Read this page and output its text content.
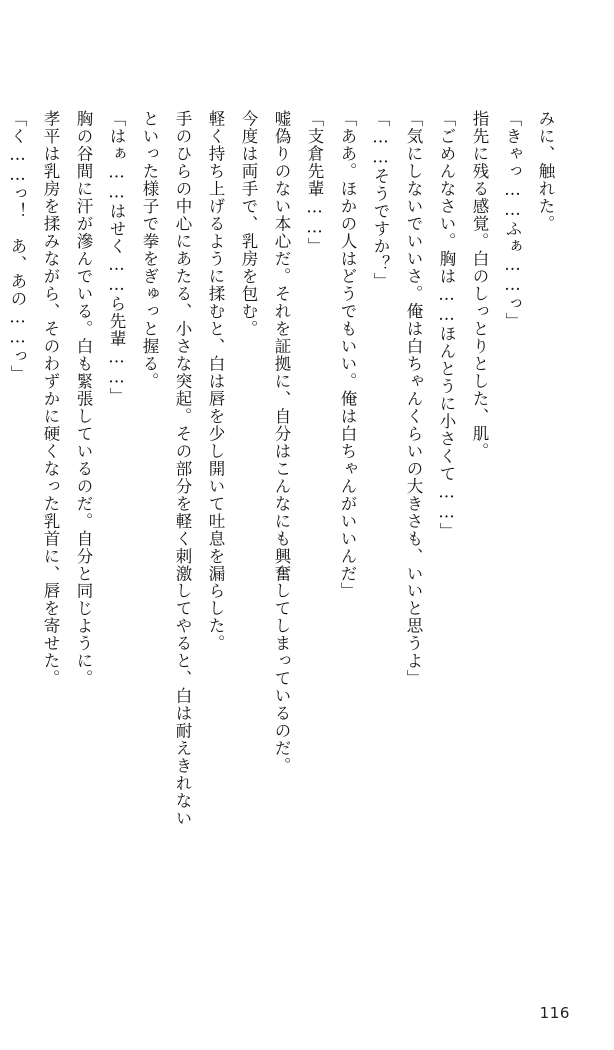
みに、触れた。

「きゃっ……ふぁ……っ」

指先に残る感覚。白のしっとりとした、肌。

「ごめんなさい。胸は……ほんとうに小さくて……」

「気にしないでいいさ。俺は白ちゃんくらいの大きさも、いいと思うよ」

「……そうですか？」

「ああ。ほかの人はどうでもいい。俺は白ちゃんがいいんだ」

「支倉先輩……」

嘘偽りのない本心だ。それを証拠に、自分はこんなにも興奮してしまっているのだ。

今度は両手で、乳房を包む。

軽く持ち上げるように揉むと、白は唇を少し開いて吐息を漏らした。

手のひらの中心にあたる、小さな突起。その部分を軽く刺激してやると、白は耐えきれない

といった様子で拳をぎゅっと握る。

「はぁ……はせく……ら先輩……」

胸の谷間に汗が滲んでいる。白も緊張しているのだ。自分と同じように。

孝平は乳房を揉みながら、そのわずかに硬くなった乳首に、唇を寄せた。

「く……っ！　あ、あの……っ」

116
